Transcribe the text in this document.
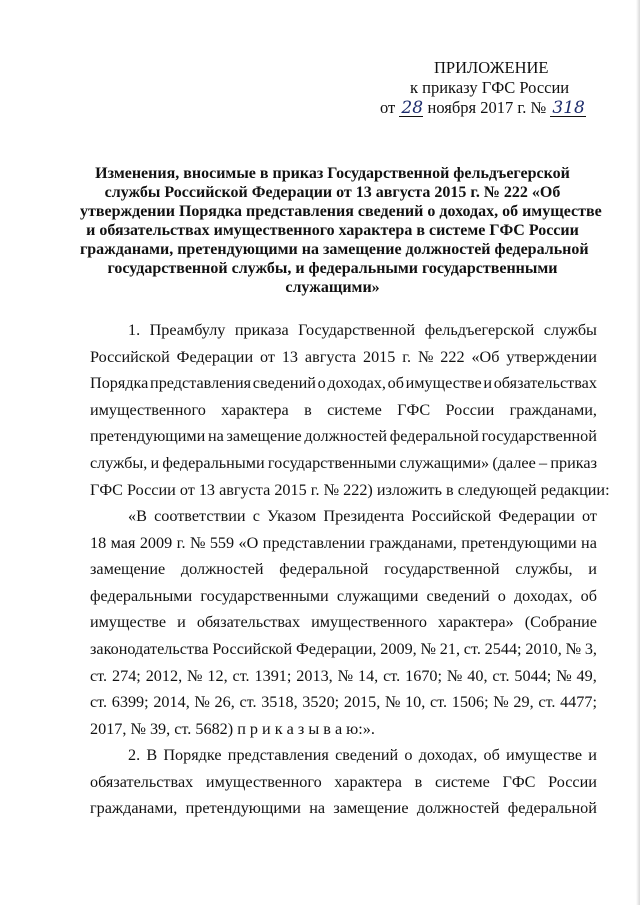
ПРИЛОЖЕНИЕ
к приказу ГФС России
от 28 ноября 2017 г. № 318
Изменения, вносимые в приказ Государственной фельдъегерской
службы Российской Федерации от 13 августа 2015 г. № 222 «Об
утверждении Порядка представления сведений о доходах, об имуществе
и обязательствах имущественного характера в системе ГФС России
гражданами, претендующими на замещение должностей федеральной
государственной службы, и федеральными государственными
служащими»
1. Преамбулу приказа Государственной фельдъегерской службы
Российской Федерации от 13 августа 2015 г. № 222 «Об утверждении
Порядка представления сведений о доходах, об имуществе и обязательствах
имущественного характера в системе ГФС России гражданами,
претендующими на замещение должностей федеральной государственной
службы, и федеральными государственными служащими» (далее – приказ
ГФС России от 13 августа 2015 г. № 222) изложить в следующей редакции:
«В соответствии с Указом Президента Российской Федерации от
18 мая 2009 г. № 559 «О представлении гражданами, претендующими на
замещение должностей федеральной государственной службы, и
федеральными государственными служащими сведений о доходах, об
имуществе и обязательствах имущественного характера» (Собрание
законодательства Российской Федерации, 2009, № 21, ст. 2544; 2010, № 3,
ст. 274; 2012, № 12, ст. 1391; 2013, № 14, ст. 1670; № 40, ст. 5044; № 49,
ст. 6399; 2014, № 26, ст. 3518, 3520; 2015, № 10, ст. 1506; № 29, ст. 4477;
2017, № 39, ст. 5682) п р и к а з ы в а ю:».
2. В Порядке представления сведений о доходах, об имуществе и
обязательствах имущественного характера в системе ГФС России
гражданами, претендующими на замещение должностей федеральной
